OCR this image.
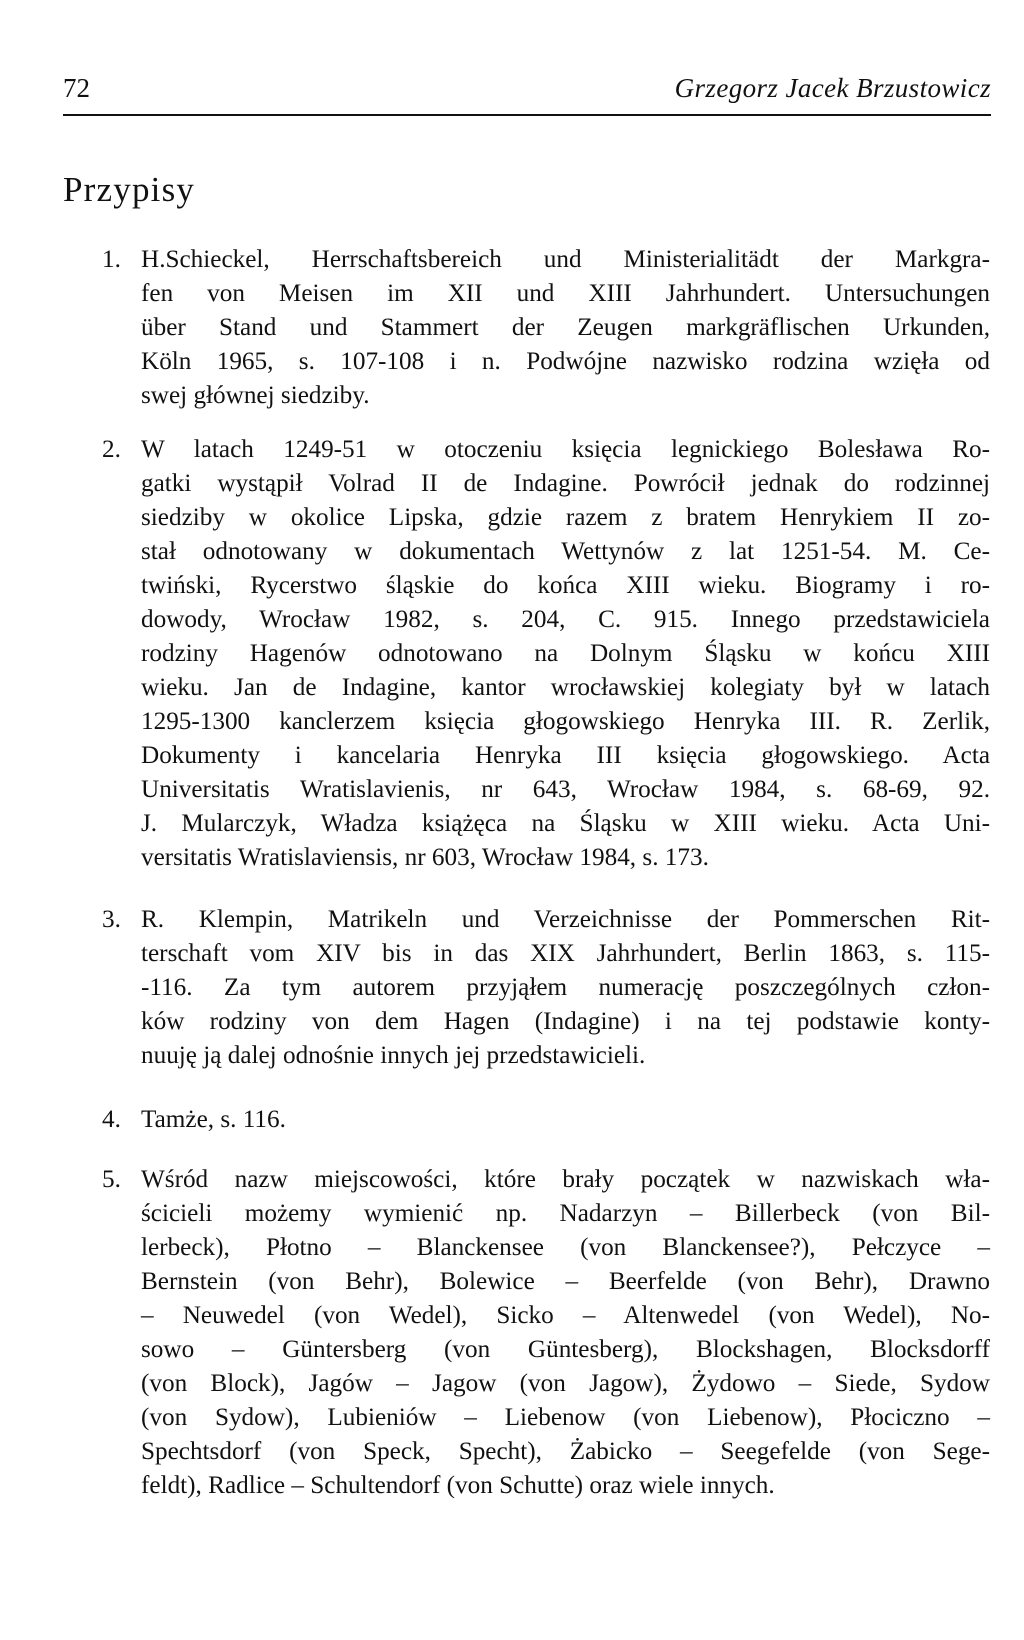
72	Grzegorz Jacek Brzustowicz
Przypisy
1. H.Schieckel, Herrschaftsbereich und Ministerialitädt der Markgra-
fen von Meisen im XII und XIII Jahrhundert. Untersuchungen
über Stand und Stammert der Zeugen markgräflischen Urkunden,
Köln 1965, s. 107-108 i n. Podwójne nazwisko rodzina wzięła od
swej głównej siedziby.
2. W latach 1249-51 w otoczeniu księcia legnickiego Bolesława Ro-
gatki wystąpił Volrad II de Indagine. Powrócił jednak do rodzinnej
siedziby w okolice Lipska, gdzie razem z bratem Henrykiem II zo-
stał odnotowany w dokumentach Wettynów z lat 1251-54. M. Ce-
twiński, Rycerstwo śląskie do końca XIII wieku. Biogramy i ro-
dowody, Wrocław 1982, s. 204, C. 915. Innego przedstawiciela
rodziny Hagenów odnotowano na Dolnym Śląsku w końcu XIII
wieku. Jan de Indagine, kantor wrocławskiej kolegiaty był w latach
1295-1300 kanclerzem księcia głogowskiego Henryka III. R. Zerlik,
Dokumenty i kancelaria Henryka III księcia głogowskiego. Acta
Universitatis Wratislavienis, nr 643, Wrocław 1984, s. 68-69, 92.
J. Mularczyk, Władza książęca na Śląsku w XIII wieku. Acta Uni-
versitatis Wratislaviensis, nr 603, Wrocław 1984, s. 173.
3. R. Klempin, Matrikeln und Verzeichnisse der Pommerschen Rit-
terschaft vom XIV bis in das XIX Jahrhundert, Berlin 1863, s. 115-
-116. Za tym autorem przyjąłem numerację poszczególnych człon-
ków rodziny von dem Hagen (Indagine) i na tej podstawie konty-
nuuję ją dalej odnośnie innych jej przedstawicieli.
4. Tamże, s. 116.
5. Wśród nazw miejscowości, które brały początek w nazwiskach wła-
ścicieli możemy wymienić np. Nadarzyn – Billerbeck (von Bil-
lerbeck), Płotno – Blanckensee (von Blanckensee?), Pełczyce –
Bernstein (von Behr), Bolewice – Beerfelde (von Behr), Drawno
– Neuwedel (von Wedel), Sicko – Altenwedel (von Wedel), No-
sowo – Güntersberg (von Güntesberg), Blockshagen, Blocksdorff
(von Block), Jagów – Jagow (von Jagow), Żydowo – Siede, Sydow
(von Sydow), Lubieniów – Liebenow (von Liebenow), Płociczno –
Spechtsdorf (von Speck, Specht), Żabicko – Seegefelde (von Sege-
feldt), Radlice – Schultendorf (von Schutte) oraz wiele innych.
